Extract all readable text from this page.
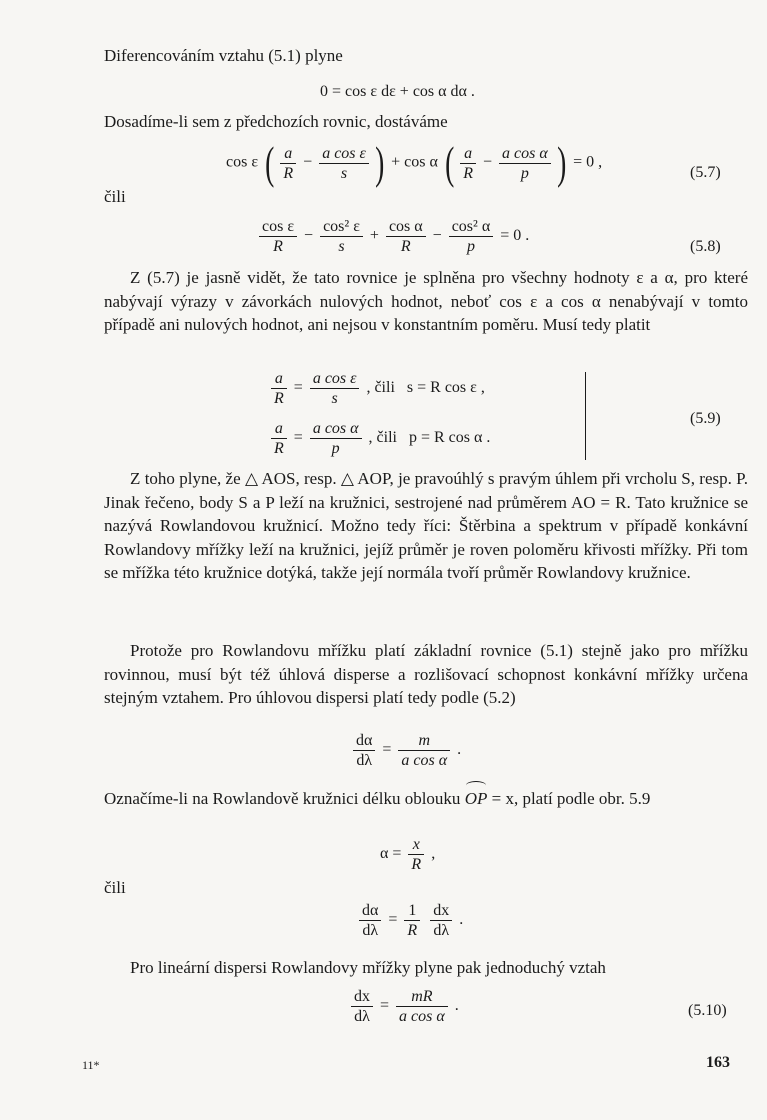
Diferencováním vztahu (5.1) plyne

0 = cos ε dε + cos α dα .

Dosadíme-li sem z předchozích rovnic, dostáváme

cos ε ( $\frac{a}{R} - \frac{\text{a cos ε}}{s}$ ) + cos α ( $\frac{a}{R} - \frac{\text{a cos α}}{p}$ ) = 0 ,
(5.7)

čili

$\frac{\text{cos ε}}{R} - \frac{\text{cos² ε}}{s} + \frac{\text{cos α}}{R} - \frac{\text{cos² α}}{p} = 0$ .
(5.8)

Z (5.7) je jasně vidět, že tato rovnice je splněna pro všechny hodnoty ε a α, pro které nabývají výrazy v závorkách nulových hodnot, neboť cos ε a cos α nenabývají v tomto případě ani nulových hodnot, ani nejsou v konstantním poměru. Musí tedy platit

$\frac{a}{R} = \frac{\text{a cos ε}}{s}$ , čili s = R cos ε ,
$\frac{a}{R} = \frac{\text{a cos α}}{p}$ , čili p = R cos α .
(5.9)

Z toho plyne, že △ AOS, resp. △ AOP, je pravoúhlý s pravým úhlem při vrcholu S, resp. P. Jinak řečeno, body S a P leží na kružnici, sestrojené nad průměrem AO = R. Tato kružnice se nazývá Rowlandovou kružnicí. Možno tedy říci: Štěrbina a spektrum v případě konkávní Rowlandovy mřížky leží na kružnici, jejíž průměr je roven poloměru křivosti mřížky. Při tom se mřížka této kružnice dotýká, takže její normála tvoří průměr Rowlandovy kružnice.

Protože pro Rowlandovu mřížku platí základní rovnice (5.1) stejně jako pro mřížku rovinnou, musí být též úhlová disperse a rozlišovací schopnost konkávní mřížky určena stejným vztahem. Pro úhlovou dispersi platí tedy podle (5.2)

$\frac{d\alpha}{d\lambda} = \frac{m}{\text{a cos α}}$ .

Označíme-li na Rowlandově kružnici délku oblouku OP = x, platí podle obr. 5.9

$\alpha = \frac{x}{R}$ ,

čili

$\frac{d\alpha}{d\lambda} = \frac{1}{R}$
$\frac{dx}{d\lambda}$ .

Pro lineární dispersi Rowlandovy mřížky plyne pak jednoduchý vztah

$\frac{dx}{d\lambda} = \frac{mR}{\text{a cos α}}$ .	(5.10)
11*	163
